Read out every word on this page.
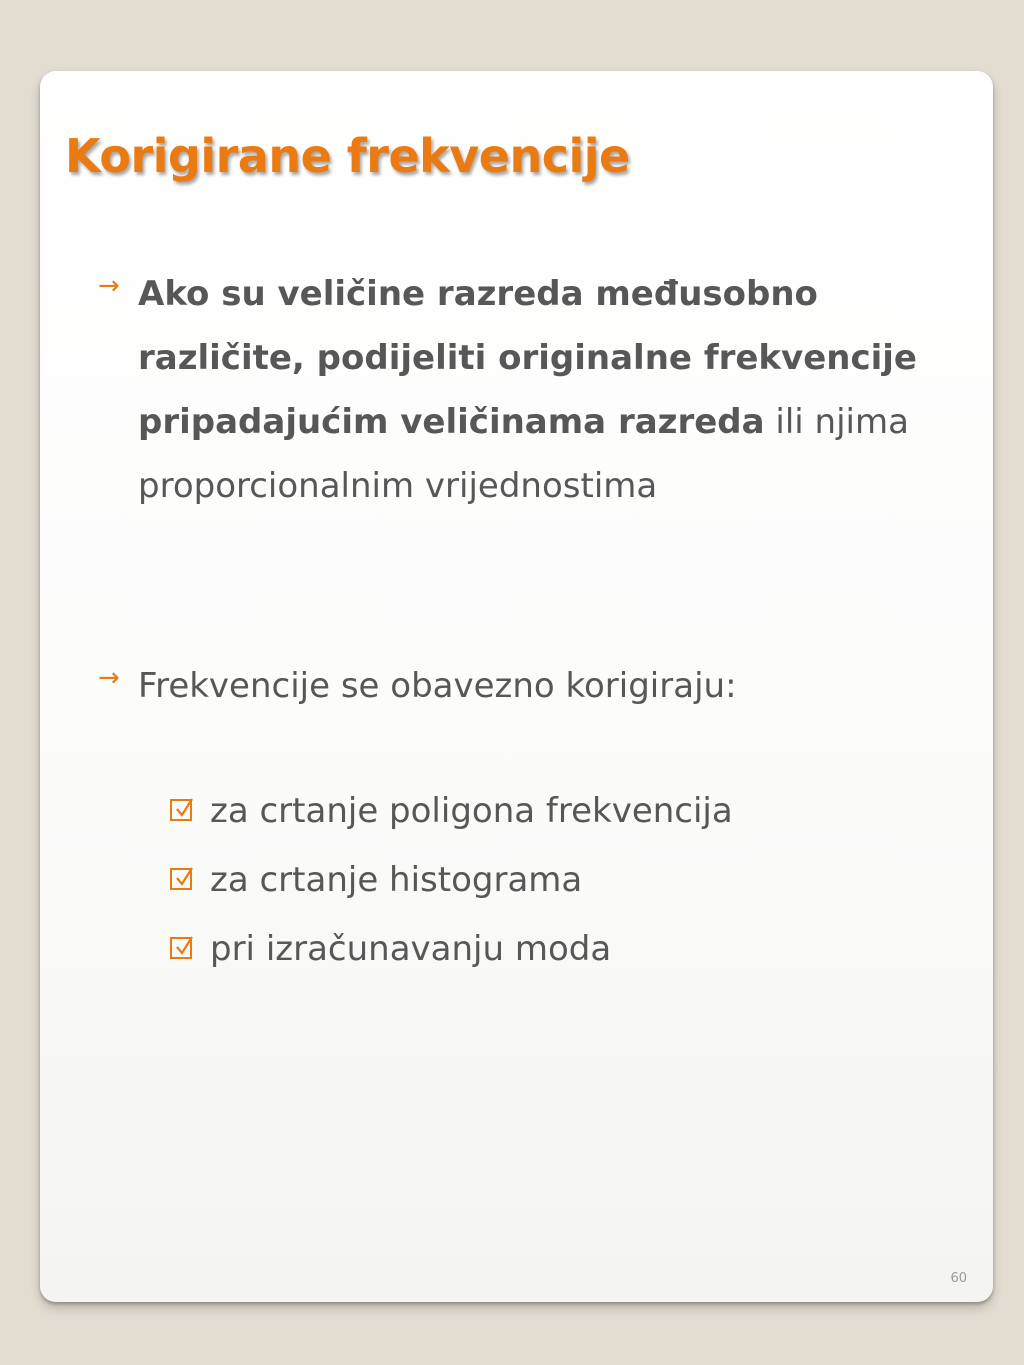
Korigirane frekvencije
→ Ako su veličine razreda međusobno različite, podijeliti originalne frekvencije pripadajućim veličinama razreda ili njima proporcionalnim vrijednostima
→ Frekvencije se obavezno korigiraju:
za crtanje poligona frekvencija
za crtanje histograma
pri izračunavanju moda
60
